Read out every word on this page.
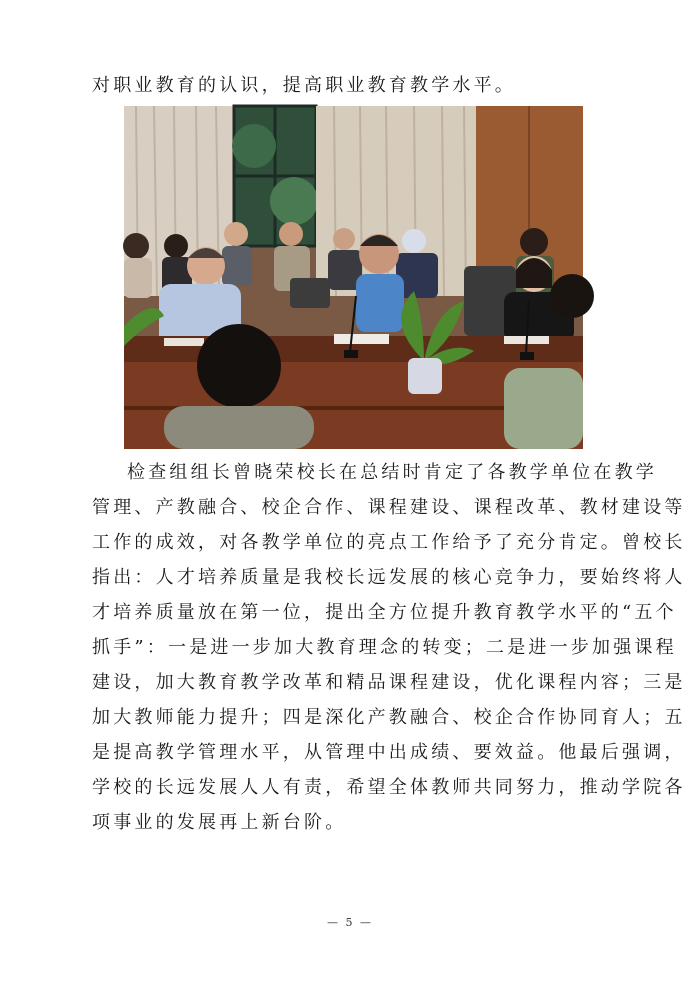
对职业教育的认识，提高职业教育教学水平。
检查组组长曾晓荣校长在总结时肯定了各教学单位在教学
管理、产教融合、校企合作、课程建设、课程改革、教材建设等
工作的成效，对各教学单位的亮点工作给予了充分肯定。曾校长
指出：人才培养质量是我校长远发展的核心竞争力，要始终将人
才培养质量放在第一位，提出全方位提升教育教学水平的“五个
抓手”：一是进一步加大教育理念的转变；二是进一步加强课程
建设，加大教育教学改革和精品课程建设，优化课程内容；三是
加大教师能力提升；四是深化产教融合、校企合作协同育人；五
是提高教学管理水平，从管理中出成绩、要效益。他最后强调，
学校的长远发展人人有责，希望全体教师共同努力，推动学院各
项事业的发展再上新台阶。
— 5 —
